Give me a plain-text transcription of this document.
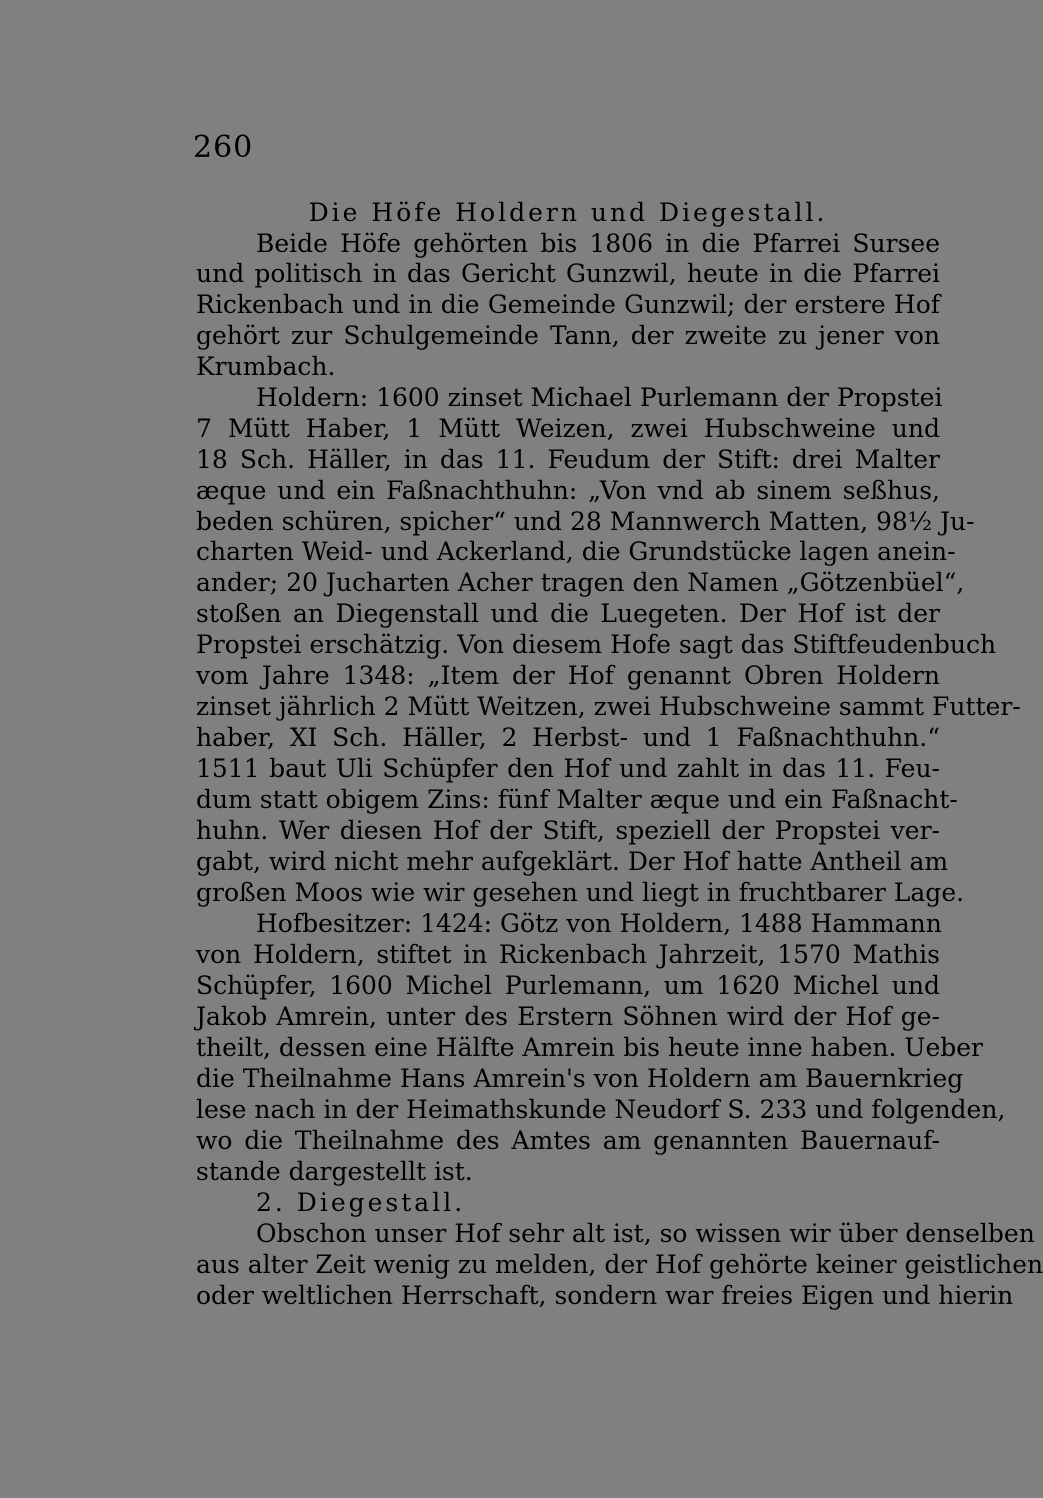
260
Die Höfe Holdern und Diegestall.
Beide Höfe gehörten bis 1806 in die Pfarrei Sursee
und politisch in das Gericht Gunzwil, heute in die Pfarrei
Rickenbach und in die Gemeinde Gunzwil; der erstere Hof
gehört zur Schulgemeinde Tann, der zweite zu jener von
Krumbach.
Holdern: 1600 zinset Michael Purlemann der Propstei
7 Mütt Haber, 1 Mütt Weizen, zwei Hubschweine und
18 Sch. Häller, in das 11. Feudum der Stift: drei Malter
æque und ein Faßnachthuhn: „Von vnd ab sinem seßhus,
beden schüren, spicher“ und 28 Mannwerch Matten, 98½ Ju-
charten Weid- und Ackerland, die Grundstücke lagen anein-
ander; 20 Jucharten Acher tragen den Namen „Götzenbüel“,
stoßen an Diegenstall und die Luegeten. Der Hof ist der
Propstei erschätzig. Von diesem Hofe sagt das Stiftfeudenbuch
vom Jahre 1348: „Item der Hof genannt Obren Holdern
zinset jährlich 2 Mütt Weitzen, zwei Hubschweine sammt Futter-
haber, XI Sch. Häller, 2 Herbst- und 1 Faßnachthuhn.“
1511 baut Uli Schüpfer den Hof und zahlt in das 11. Feu-
dum statt obigem Zins: fünf Malter æque und ein Faßnacht-
huhn. Wer diesen Hof der Stift, speziell der Propstei ver-
gabt, wird nicht mehr aufgeklärt. Der Hof hatte Antheil am
großen Moos wie wir gesehen und liegt in fruchtbarer Lage.
Hofbesitzer: 1424: Götz von Holdern, 1488 Hammann
von Holdern, stiftet in Rickenbach Jahrzeit, 1570 Mathis
Schüpfer, 1600 Michel Purlemann, um 1620 Michel und
Jakob Amrein, unter des Erstern Söhnen wird der Hof ge-
theilt, dessen eine Hälfte Amrein bis heute inne haben. Ueber
die Theilnahme Hans Amrein's von Holdern am Bauernkrieg
lese nach in der Heimathskunde Neudorf S. 233 und folgenden,
wo die Theilnahme des Amtes am genannten Bauernauf-
stande dargestellt ist.
2. Diegestall.
Obschon unser Hof sehr alt ist, so wissen wir über denselben
aus alter Zeit wenig zu melden, der Hof gehörte keiner geistlichen
oder weltlichen Herrschaft, sondern war freies Eigen und hierin
